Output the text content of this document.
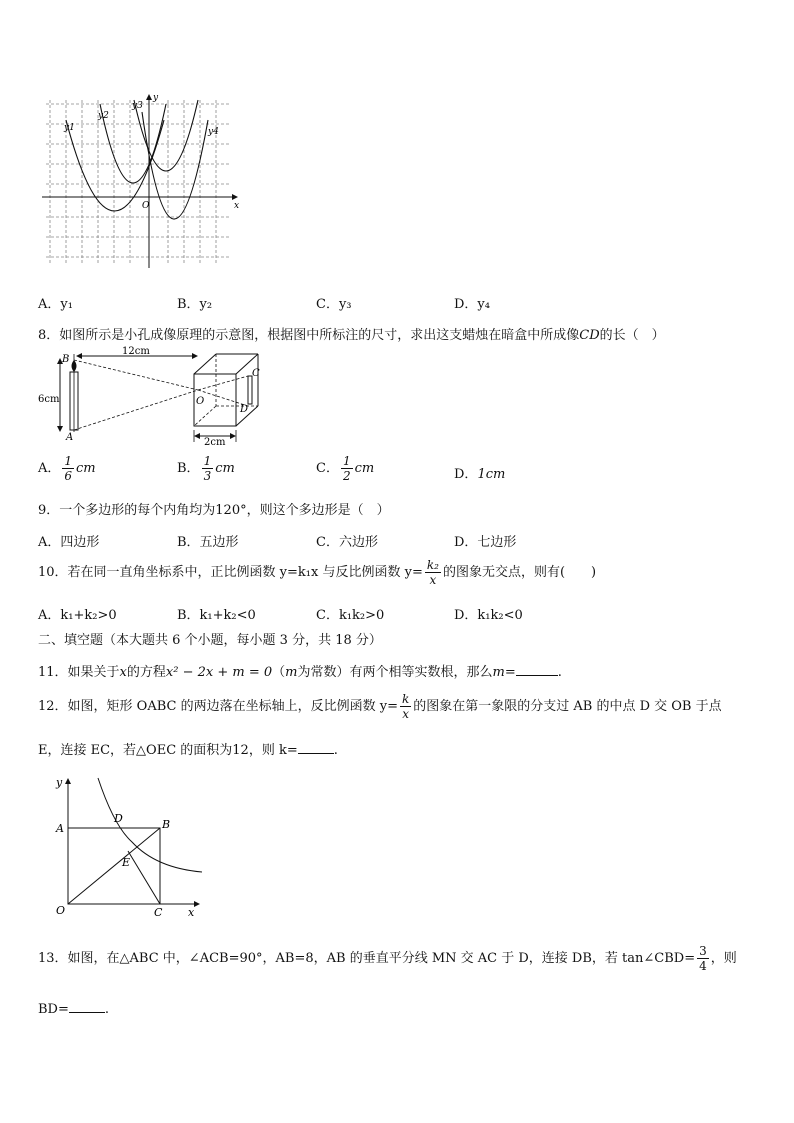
y1
y2
y3
y4
x
y
O
A．y₁	B．y₂	C．y₃	D．y₄
8．如图所示是小孔成像原理的示意图，根据图中所标注的尺寸，求出这支蜡烛在暗盒中所成像CD的长（　）
6cm
B
A
12cm
C
D
O
2cm
A． $\frac{1}{6}$ cm	B． $\frac{1}{3}$ cm	C． $\frac{1}{2}$ cm	D．1cm
9．一个多边形的每个内角均为120°，则这个多边形是（　）
A．四边形	B．五边形	C．六边形	D．七边形
10．若在同一直角坐标系中，正比例函数 y=k₁x 与反比例函数 $y= \frac{\text{k₂}}{x}$ 的图象无交点，则有(　　)
A．k₁+k₂>0	B．k₁+k₂<0	C．k₁k₂>0	D．k₁k₂<0
二、填空题（本大题共 6 个小题，每小题 3 分，共 18 分）
11．如果关于x的方程x² − 2x + m = 0（m为常数）有两个相等实数根，那么m=	.
12．如图，矩形 OABC 的两边落在坐标轴上，反比例函数 $y= \frac{k}{x}$ 的图象在第一象限的分支过 AB 的中点 D 交 OB 于点
E，连接 EC，若△OEC 的面积为12，则 k=	.
y
x
A	B
D
E
O	C
13．如图，在△ABC 中，∠ACB=90°，AB=8，AB 的垂直平分线 MN 交 AC 于 D，连接 DB，若 tan∠CBD= $\frac{3}{4}$ ，则
BD=	.
